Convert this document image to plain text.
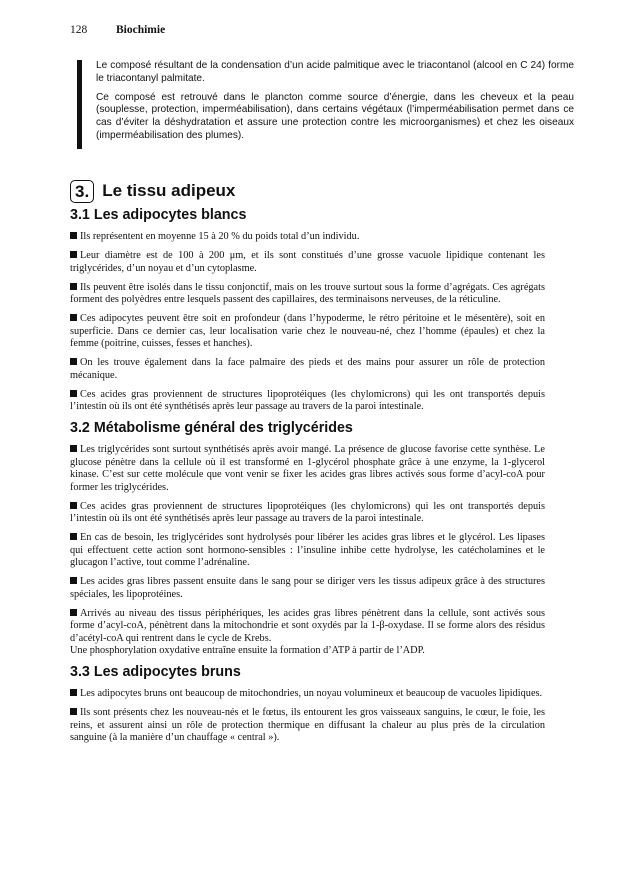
128	Biochimie

Le composé résultant de la condensation d’un acide palmitique avec le triacontanol (alcool en C 24) forme le triacontanyl palmitate.

Ce composé est retrouvé dans le plancton comme source d’énergie, dans les cheveux et la peau (souplesse, protection, imperméabilisation), dans certains végétaux (l’imperméabilisation permet dans ce cas d’éviter la déshydratation et assure une protection contre les microorganismes) et chez les oiseaux (imperméabilisation des plumes).

3. Le tissu adipeux
3.1 Les adipocytes blancs

Ils représentent en moyenne 15 à 20 % du poids total d’un individu.

Leur diamètre est de 100 à 200 μm, et ils sont constitués d’une grosse vacuole lipidique contenant les triglycérides, d’un noyau et d’un cytoplasme.

Ils peuvent être isolés dans le tissu conjonctif, mais on les trouve surtout sous la forme d’agrégats. Ces agrégats forment des polyèdres entre lesquels passent des capillaires, des terminaisons nerveuses, de la réticuline.

Ces adipocytes peuvent être soit en profondeur (dans l’hypoderme, le rétro péritoine et le mésentère), soit en superficie. Dans ce dernier cas, leur localisation varie chez le nouveau-né, chez l’homme (épaules) et chez la femme (poitrine, cuisses, fesses et hanches).

On les trouve également dans la face palmaire des pieds et des mains pour assurer un rôle de protection mécanique.

Ces acides gras proviennent de structures lipoprotéiques (les chylomicrons) qui les ont transportés depuis l’intestin où ils ont été synthétisés après leur passage au travers de la paroi intestinale.

3.2 Métabolisme général des triglycérides

Les triglycérides sont surtout synthétisés après avoir mangé. La présence de glucose favorise cette synthèse. Le glucose pénètre dans la cellule où il est transformé en 1-glycérol phosphate grâce à une enzyme, la 1-glycerol kinase. C’est sur cette molécule que vont venir se fixer les acides gras libres activés sous forme d’acyl-coA pour former les triglycérides.

Ces acides gras proviennent de structures lipoprotéiques (les chylomicrons) qui les ont transportés depuis l’intestin où ils ont été synthétisés après leur passage au travers de la paroi intestinale.

En cas de besoin, les triglycérides sont hydrolysés pour libérer les acides gras libres et le glycérol. Les lipases qui effectuent cette action sont hormono-sensibles : l’insuline inhibe cette hydrolyse, les catécholamines et le glucagon l’active, tout comme l’adrénaline.

Les acides gras libres passent ensuite dans le sang pour se diriger vers les tissus adipeux grâce à des structures spéciales, les lipoprotéines.

Arrivés au niveau des tissus périphériques, les acides gras libres pénètrent dans la cellule, sont activés sous forme d’acyl-coA, pénètrent dans la mitochondrie et sont oxydés par la 1-β-oxydase. Il se forme alors des résidus d’acétyl-coA qui rentrent dans le cycle de Krebs.
Une phosphorylation oxydative entraîne ensuite la formation d’ATP à partir de l’ADP.

3.3 Les adipocytes bruns

Les adipocytes bruns ont beaucoup de mitochondries, un noyau volumineux et beaucoup de vacuoles lipidiques.

Ils sont présents chez les nouveau-nés et le fœtus, ils entourent les gros vaisseaux sanguins, le cœur, le foie, les reins, et assurent ainsi un rôle de protection thermique en diffusant la chaleur au plus près de la circulation sanguine (à la manière d’un chauffage « central »).
